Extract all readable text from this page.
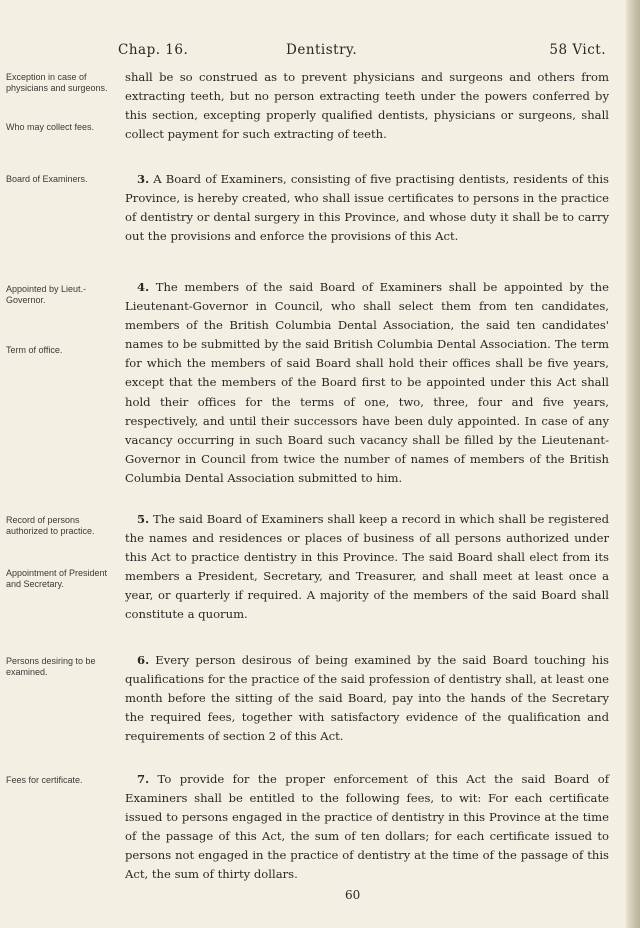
Chap. 16.	Dentistry.	58 Vict.
Exception in case of physicians and surgeons.
Who may collect fees.
Board of Examiners.
Appointed by Lieut.-Governor.
Term of office.
Record of persons authorized to practice.
Appointment of President and Secretary.
Persons desiring to be examined.
Fees for certificate.
shall be so construed as to prevent physicians and surgeons and others from extracting teeth, but no person extracting teeth under the powers conferred by this section, excepting properly qualified dentists, physicians or surgeons, shall collect payment for such extracting of teeth.
3. A Board of Examiners, consisting of five practising dentists, residents of this Province, is hereby created, who shall issue certificates to persons in the practice of dentistry or dental surgery in this Province, and whose duty it shall be to carry out the provisions and enforce the provisions of this Act.
4. The members of the said Board of Examiners shall be appointed by the Lieutenant-Governor in Council, who shall select them from ten candidates, members of the British Columbia Dental Association, the said ten candidates' names to be submitted by the said British Columbia Dental Association. The term for which the members of said Board shall hold their offices shall be five years, except that the members of the Board first to be appointed under this Act shall hold their offices for the terms of one, two, three, four and five years, respectively, and until their successors have been duly appointed. In case of any vacancy occurring in such Board such vacancy shall be filled by the Lieutenant-Governor in Council from twice the number of names of members of the British Columbia Dental Association submitted to him.
5. The said Board of Examiners shall keep a record in which shall be registered the names and residences or places of business of all persons authorized under this Act to practice dentistry in this Province. The said Board shall elect from its members a President, Secretary, and Treasurer, and shall meet at least once a year, or quarterly if required. A majority of the members of the said Board shall constitute a quorum.
6. Every person desirous of being examined by the said Board touching his qualifications for the practice of the said profession of dentistry shall, at least one month before the sitting of the said Board, pay into the hands of the Secretary the required fees, together with satisfactory evidence of the qualification and requirements of section 2 of this Act.
7. To provide for the proper enforcement of this Act the said Board of Examiners shall be entitled to the following fees, to wit: For each certificate issued to persons engaged in the practice of dentistry in this Province at the time of the passage of this Act, the sum of ten dollars; for each certificate issued to persons not engaged in the practice of dentistry at the time of the passage of this Act, the sum of thirty dollars.
60
